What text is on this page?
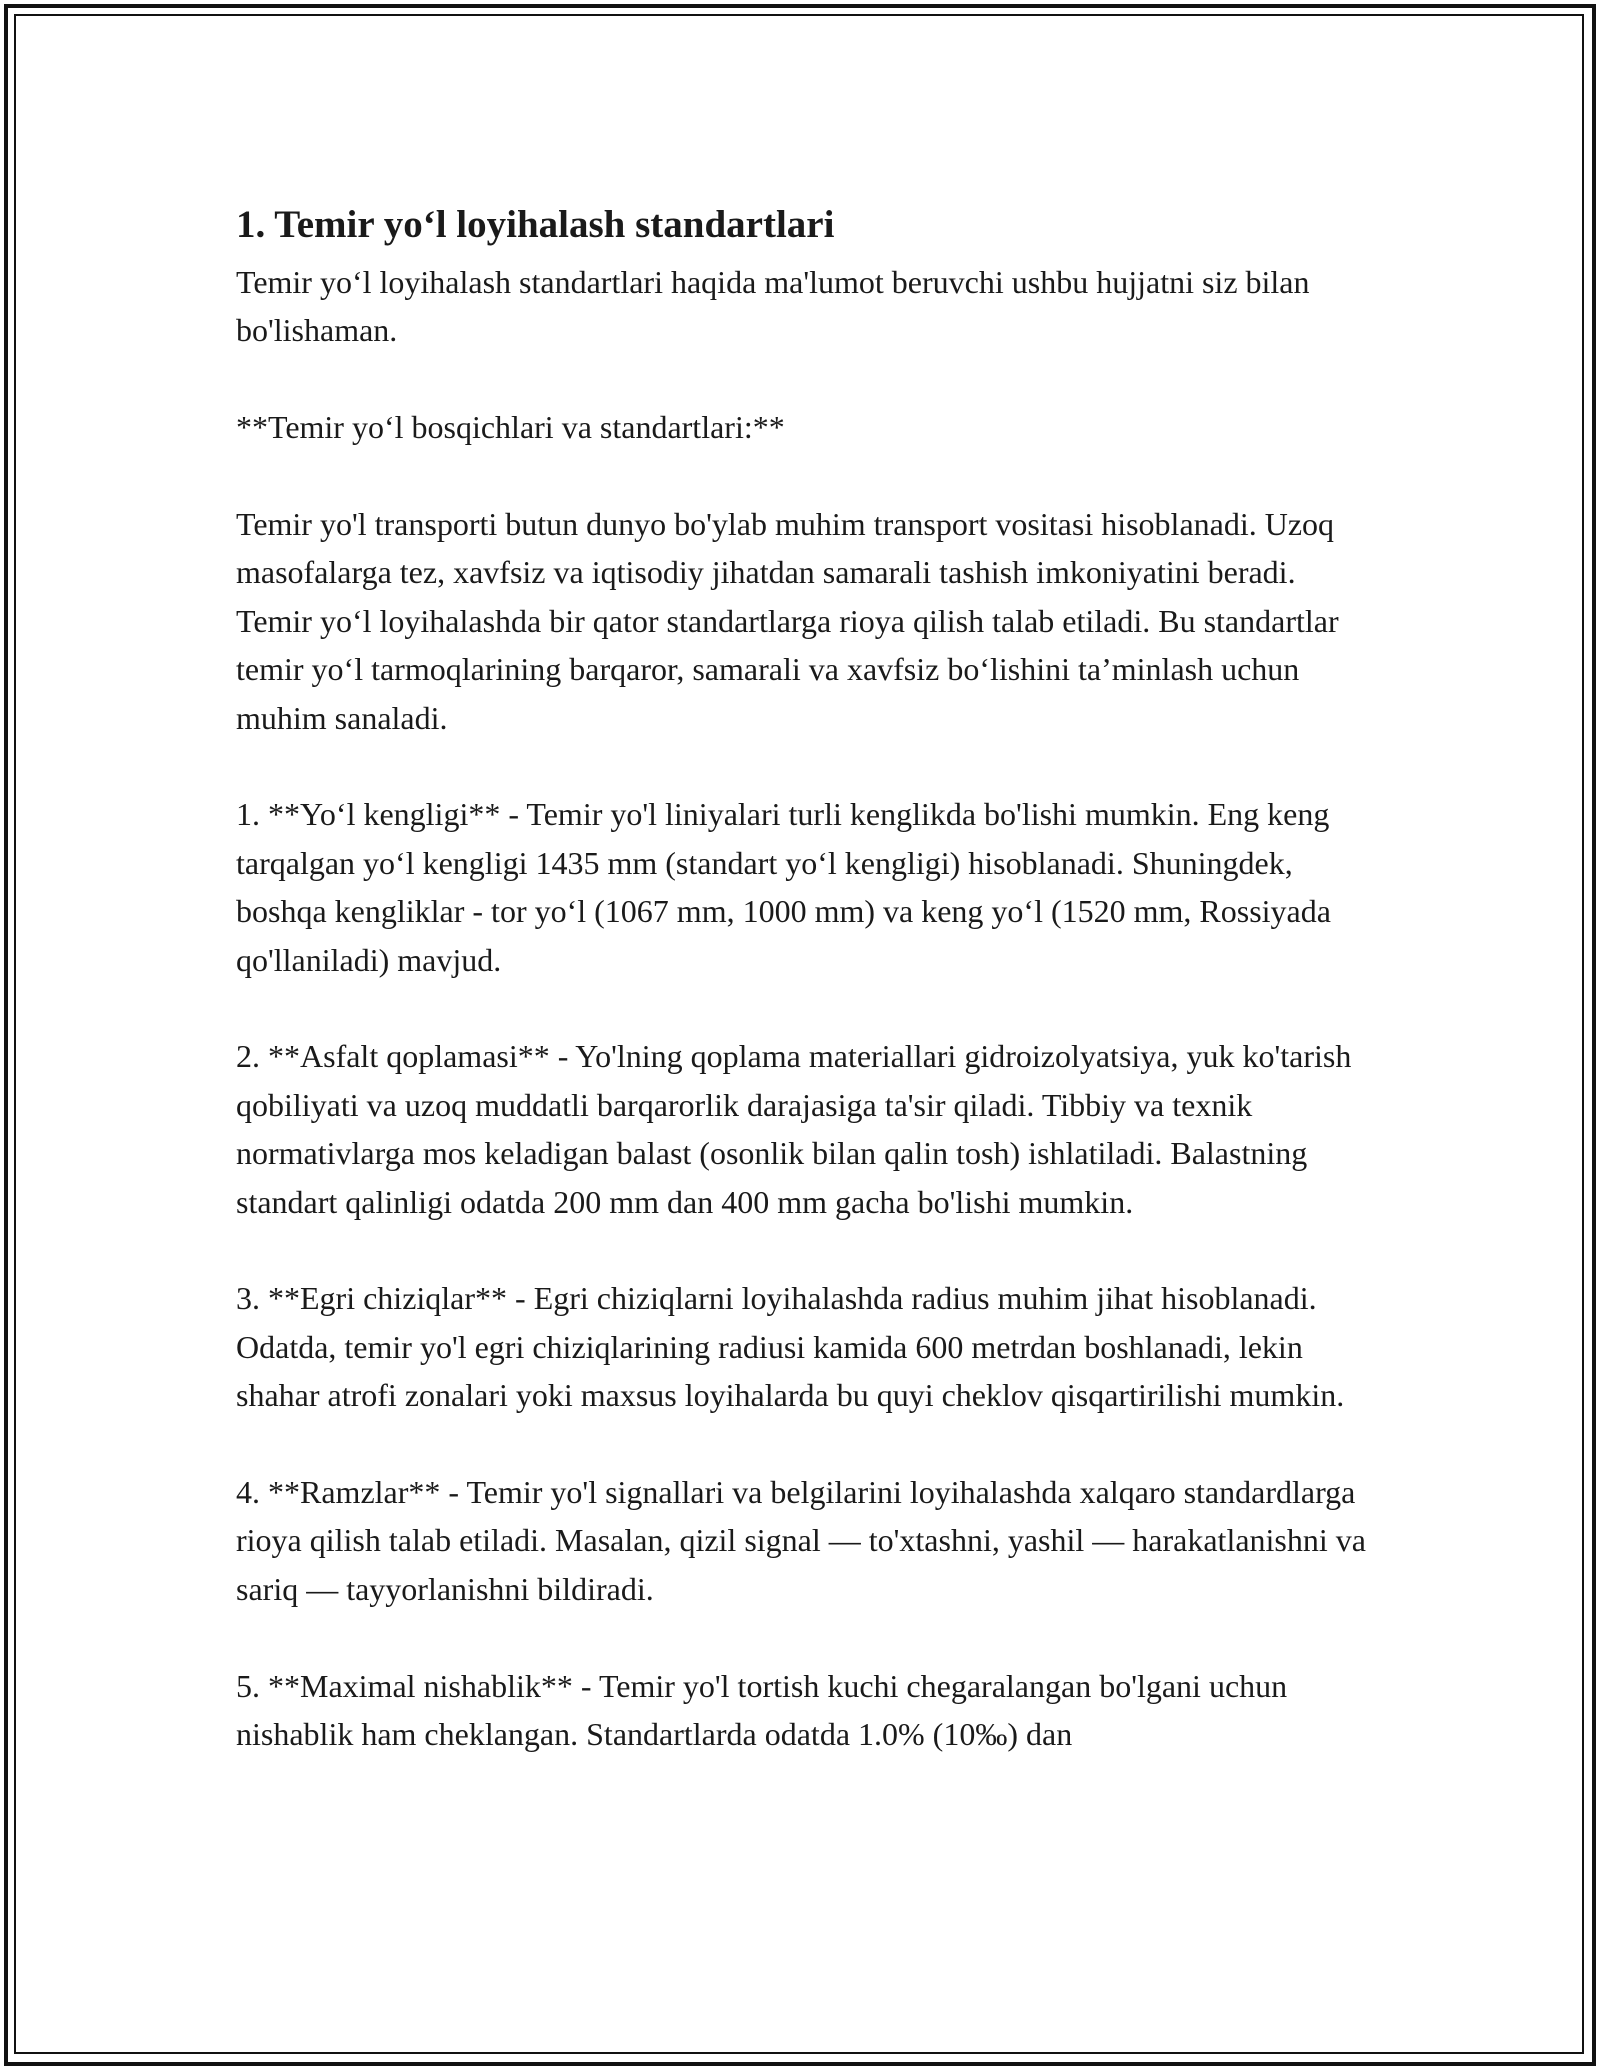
1. Temir yo‘l loyihalash standartlari

Temir yo‘l loyihalash standartlari haqida ma'lumot beruvchi ushbu hujjatni siz bilan bo'lishaman.

**Temir yo‘l bosqichlari va standartlari:**

Temir yo'l transporti butun dunyo bo'ylab muhim transport vositasi hisoblanadi. Uzoq masofalarga tez, xavfsiz va iqtisodiy jihatdan samarali tashish imkoniyatini beradi. Temir yo‘l loyihalashda bir qator standartlarga rioya qilish talab etiladi. Bu standartlar temir yo‘l tarmoqlarining barqaror, samarali va xavfsiz bo‘lishini ta’minlash uchun muhim sanaladi.

1. **Yo‘l kengligi** - Temir yo'l liniyalari turli kenglikda bo'lishi mumkin. Eng keng tarqalgan yo‘l kengligi 1435 mm (standart yo‘l kengligi) hisoblanadi. Shuningdek, boshqa kengliklar - tor yo‘l (1067 mm, 1000 mm) va keng yo‘l (1520 mm, Rossiyada qo'llaniladi) mavjud.

2. **Asfalt qoplamasi** - Yo'lning qoplama materiallari gidroizolyatsiya, yuk ko'tarish qobiliyati va uzoq muddatli barqarorlik darajasiga ta'sir qiladi. Tibbiy va texnik normativlarga mos keladigan balast (osonlik bilan qalin tosh) ishlatiladi. Balastning standart qalinligi odatda 200 mm dan 400 mm gacha bo'lishi mumkin.

3. **Egri chiziqlar** - Egri chiziqlarni loyihalashda radius muhim jihat hisoblanadi. Odatda, temir yo'l egri chiziqlarining radiusi kamida 600 metrdan boshlanadi, lekin shahar atrofi zonalari yoki maxsus loyihalarda bu quyi cheklov qisqartirilishi mumkin.

4. **Ramzlar** - Temir yo'l signallari va belgilarini loyihalashda xalqaro standardlarga rioya qilish talab etiladi. Masalan, qizil signal — to'xtashni, yashil — harakatlanishni va sariq — tayyorlanishni bildiradi.

5. **Maximal nishablik** - Temir yo'l tortish kuchi chegaralangan bo'lgani uchun nishablik ham cheklangan. Standartlarda odatda 1.0% (10‰) dan
